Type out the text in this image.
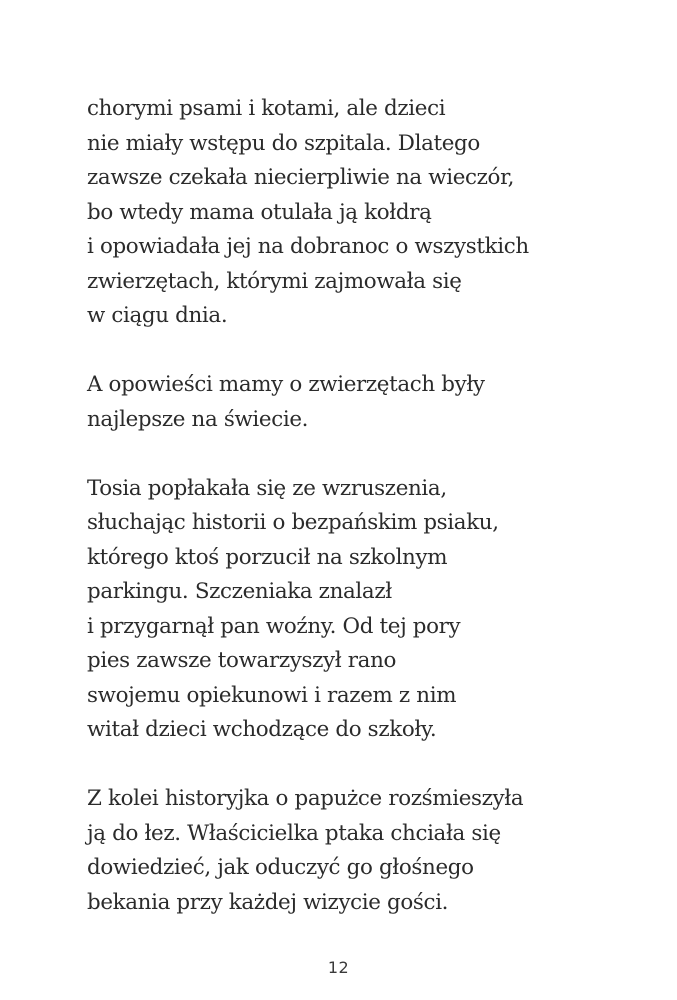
chorymi psami i kotami, ale dzieci
nie miały wstępu do szpitala. Dlatego
zawsze czekała niecierpliwie na wieczór,
bo wtedy mama otulała ją kołdrą
i opowiadała jej na dobranoc o wszystkich
zwierzętach, którymi zajmowała się
w ciągu dnia.

A opowieści mamy o zwierzętach były
najlepsze na świecie.

Tosia popłakała się ze wzruszenia,
słuchając historii o bezpańskim psiaku,
którego ktoś porzucił na szkolnym
parkingu. Szczeniaka znalazł
i przygarnął pan woźny. Od tej pory
pies zawsze towarzyszył rano
swojemu opiekunowi i razem z nim
witał dzieci wchodzące do szkoły.

Z kolei historyjka o papużce rozśmieszyła
ją do łez. Właścicielka ptaka chciała się
dowiedzieć, jak oduczyć go głośnego
bekania przy każdej wizycie gości.

12
